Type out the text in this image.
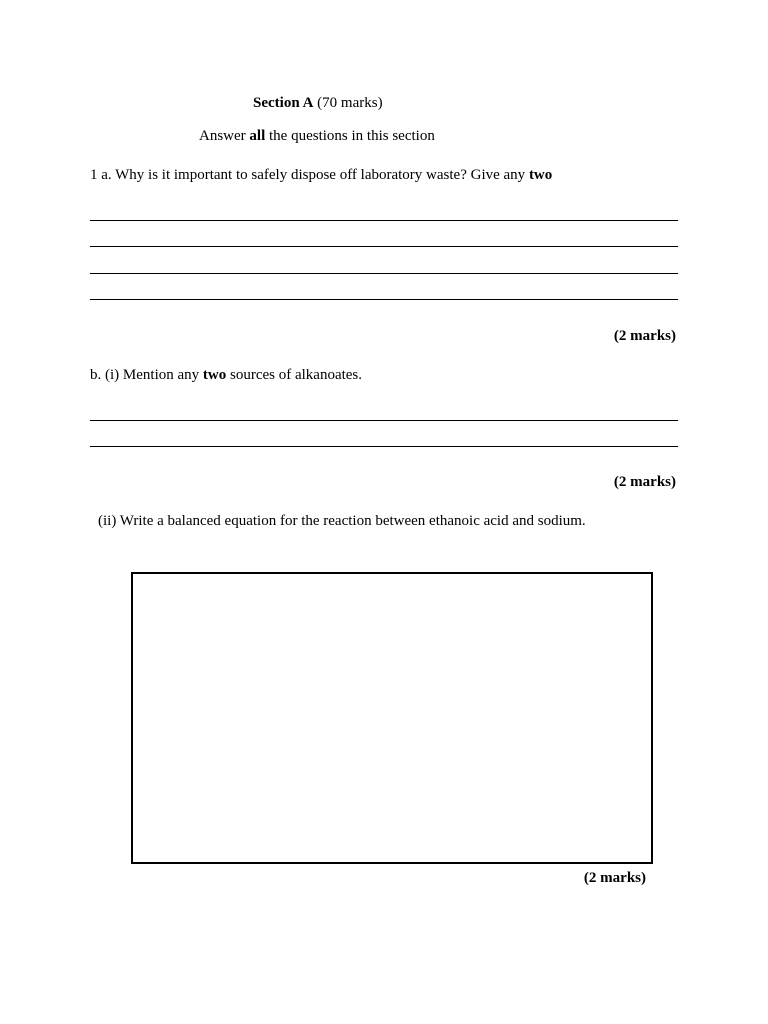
Section A (70 marks)
Answer all the questions in this section
1 a. Why is it important to safely dispose off laboratory waste? Give any two
(2 marks)
b. (i) Mention any two sources of alkanoates.
(2 marks)
(ii) Write a balanced equation for the reaction between ethanoic acid and sodium.
(2 marks)
